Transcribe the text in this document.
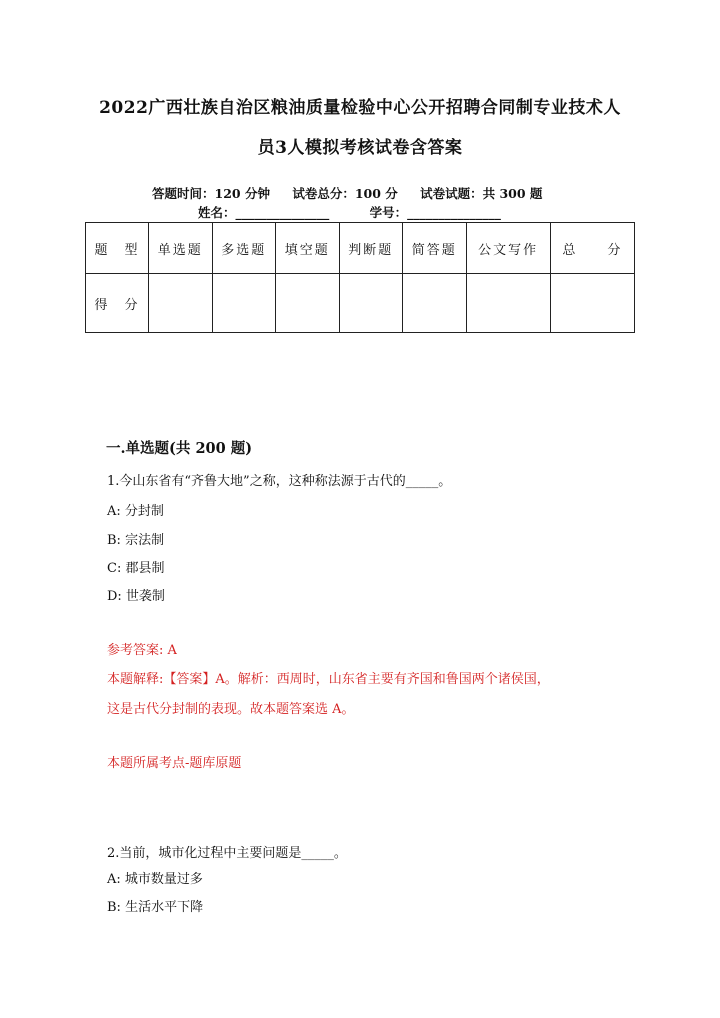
2022广西壮族自治区粮油质量检验中心公开招聘合同制专业技术人
员3人模拟考核试卷含答案
答题时间：120 分钟 试卷总分：100 分 试卷试题：共 300 题
姓名：_______________	学号：_______________
题　型	单选题	多选题	填空题	判断题	简答题	公文写作	总　　分
得　分							
一.单选题(共 200 题)
1.今山东省有“齐鲁大地”之称，这种称法源于古代的_____。
A: 分封制
B: 宗法制
C: 郡县制
D: 世袭制
参考答案: A
本题解释:【答案】A。解析：西周时，山东省主要有齐国和鲁国两个诸侯国，
这是古代分封制的表现。故本题答案选 A。
本题所属考点-题库原题
2.当前，城市化过程中主要问题是_____。
A: 城市数量过多
B: 生活水平下降
